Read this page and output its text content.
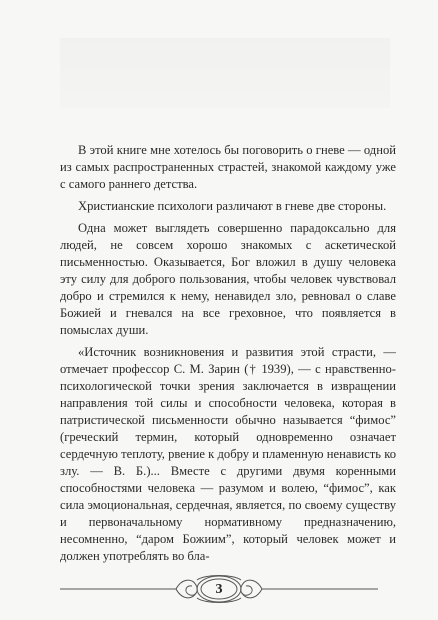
В этой книге мне хотелось бы поговорить о гневе — одной из самых распространенных страстей, знакомой каждому уже с самого раннего детства.

Христианские психологи различают в гневе две стороны.

Одна может выглядеть совершенно парадоксально для людей, не совсем хорошо знакомых с аскетической письменностью. Оказывается, Бог вложил в душу человека эту силу для доброго пользования, чтобы человек чувствовал добро и стремился к нему, ненавидел зло, ревновал о славе Божией и гневался на все греховное, что появляется в помыслах души.

«Источник возникновения и развития этой страсти, — отмечает профессор С. М. Зарин († 1939), — с нравственно-психологической точки зрения заключается в извращении направления той силы и способности человека, которая в патристической письменности обычно называется “фимос” (греческий термин, который одновременно означает сердечную теплоту, рвение к добру и пламенную ненависть ко злу. — В. Б.)... Вместе с другими двумя коренными способностями человека — разумом и волею, “фимос”, как сила эмоциональная, сердечная, является, по своему существу и первоначальному нормативному предназначению, несомненно, “даром Божиим”, который человек может и должен употреблять во бла-

3
